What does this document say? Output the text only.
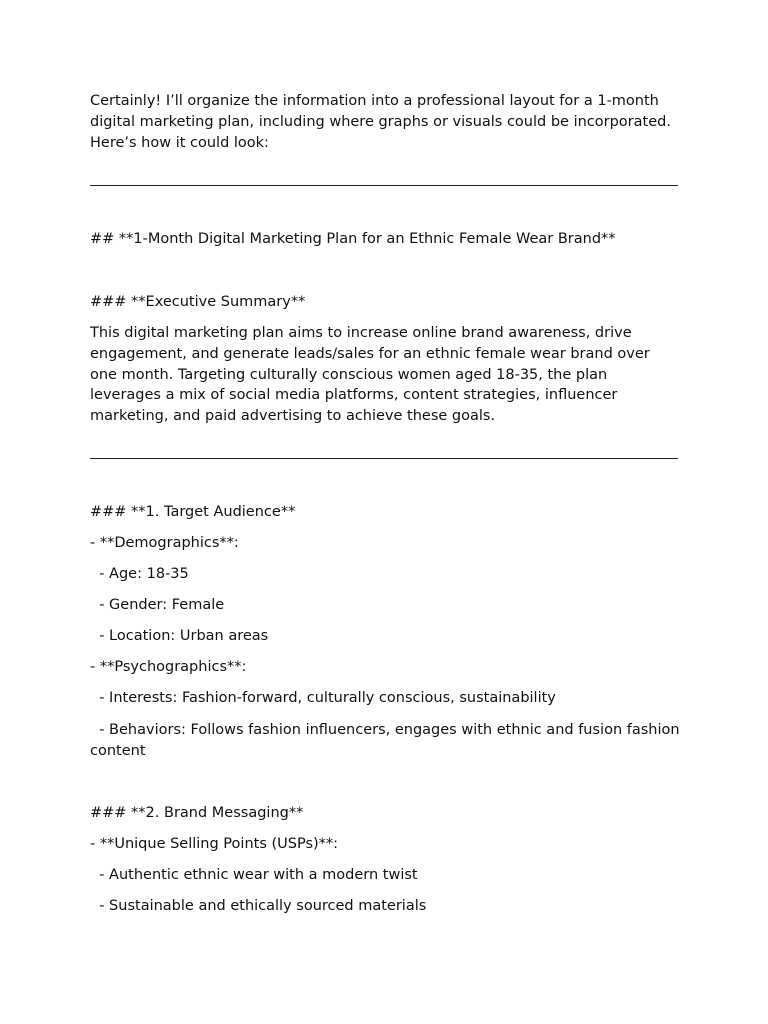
Certainly! I’ll organize the information into a professional layout for a 1-month digital marketing plan, including where graphs or visuals could be incorporated. Here’s how it could look:

## **1-Month Digital Marketing Plan for an Ethnic Female Wear Brand**

### **Executive Summary**

This digital marketing plan aims to increase online brand awareness, drive engagement, and generate leads/sales for an ethnic female wear brand over one month. Targeting culturally conscious women aged 18-35, the plan leverages a mix of social media platforms, content strategies, influencer marketing, and paid advertising to achieve these goals.

### **1. Target Audience**

- **Demographics**:

- Age: 18-35

- Gender: Female

- Location: Urban areas

- **Psychographics**:

- Interests: Fashion-forward, culturally conscious, sustainability

- Behaviors: Follows fashion influencers, engages with ethnic and fusion fashion content

### **2. Brand Messaging**

- **Unique Selling Points (USPs)**:

- Authentic ethnic wear with a modern twist

- Sustainable and ethically sourced materials
